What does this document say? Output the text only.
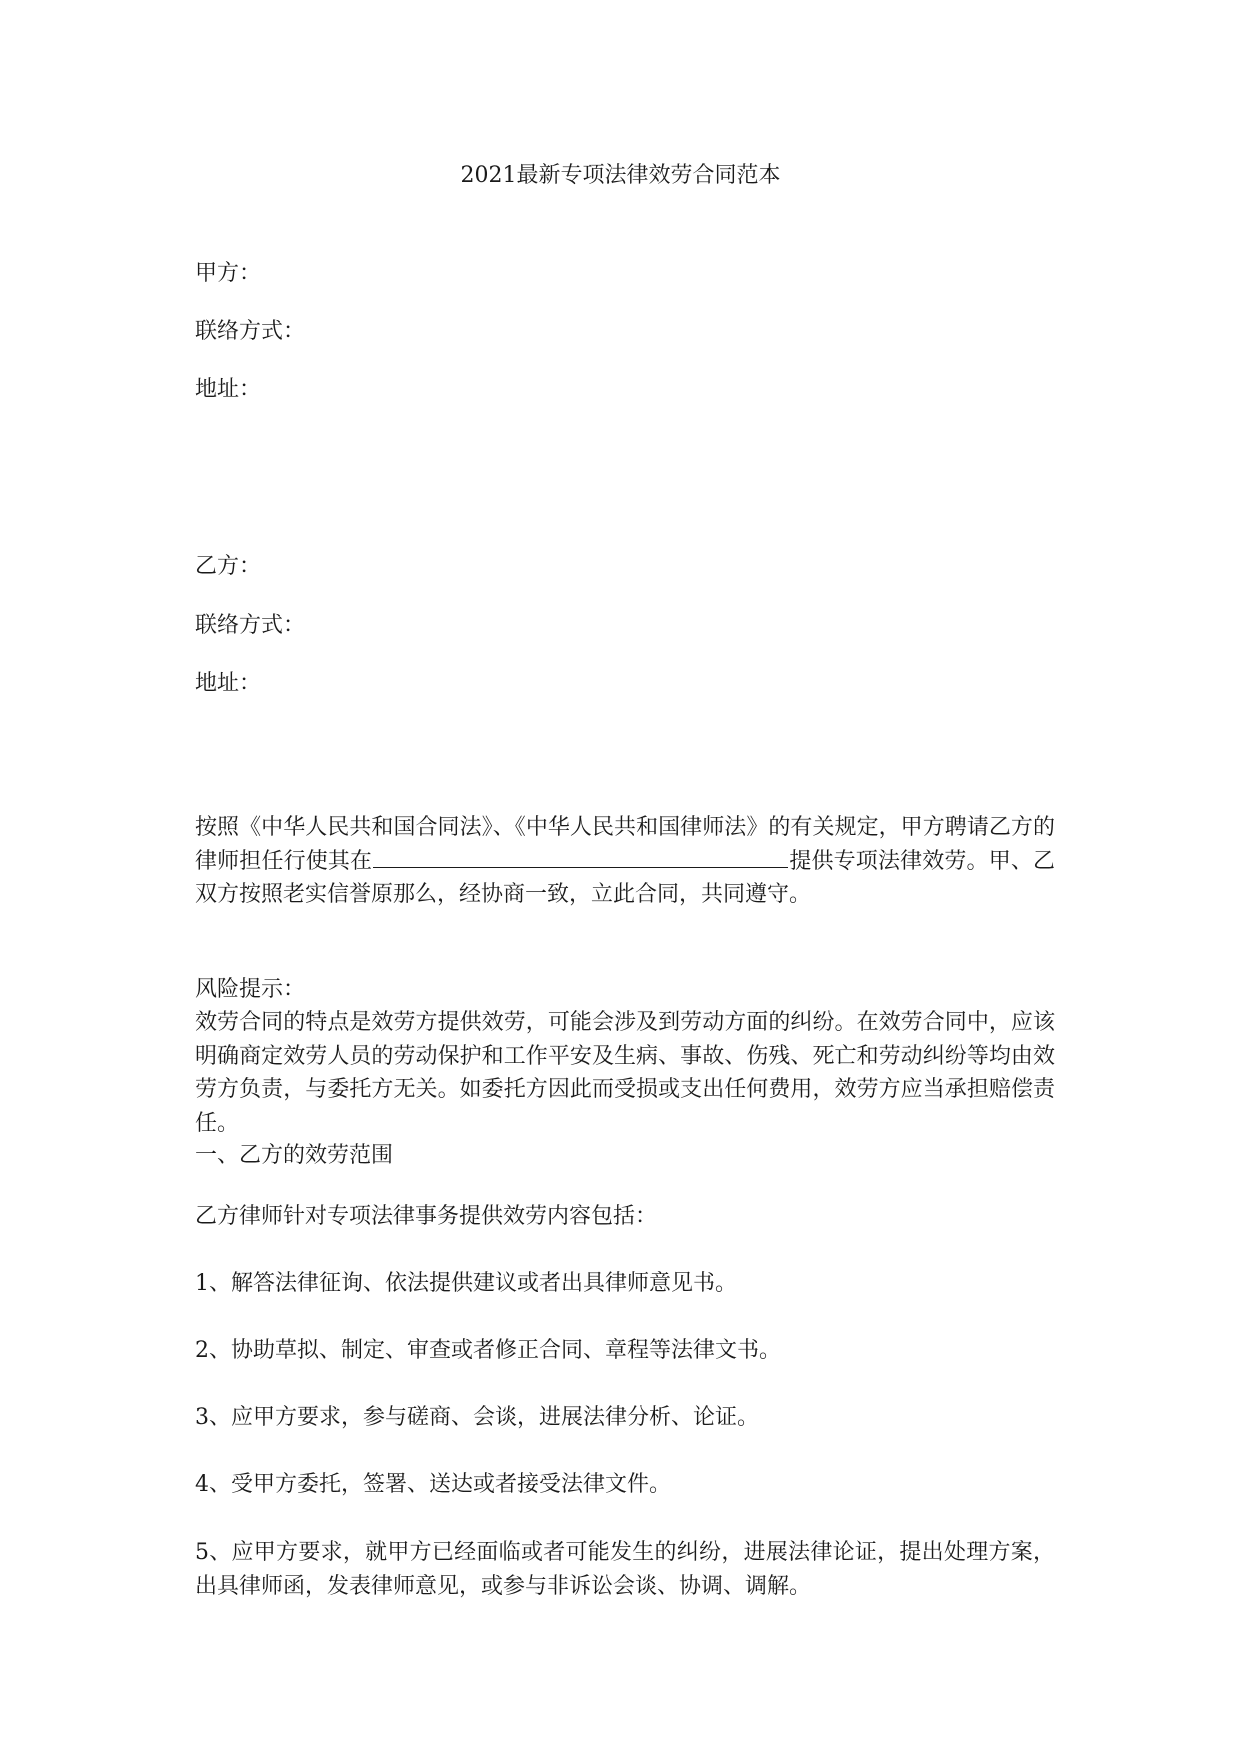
2021最新专项法律效劳合同范本
甲方：
联络方式：
地址：
乙方：
联络方式：
地址：
按照《中华人民共和国合同法》、《中华人民共和国律师法》的有关规定，甲方聘请乙方的律师担任行使其在	提供专项法律效劳。甲、乙双方按照老实信誉原那么，经协商一致，立此合同，共同遵守。
风险提示：
效劳合同的特点是效劳方提供效劳，可能会涉及到劳动方面的纠纷。在效劳合同中，应该明确商定效劳人员的劳动保护和工作平安及生病、事故、伤残、死亡和劳动纠纷等均由效劳方负责，与委托方无关。如委托方因此而受损或支出任何费用，效劳方应当承担赔偿责任。
一、乙方的效劳范围
乙方律师针对专项法律事务提供效劳内容包括：
1、解答法律征询、依法提供建议或者出具律师意见书。
2、协助草拟、制定、审查或者修正合同、章程等法律文书。
3、应甲方要求，参与磋商、会谈，进展法律分析、论证。
4、受甲方委托，签署、送达或者接受法律文件。
5、应甲方要求，就甲方已经面临或者可能发生的纠纷，进展法律论证，提出处理方案，出具律师函，发表律师意见，或参与非诉讼会谈、协调、调解。
